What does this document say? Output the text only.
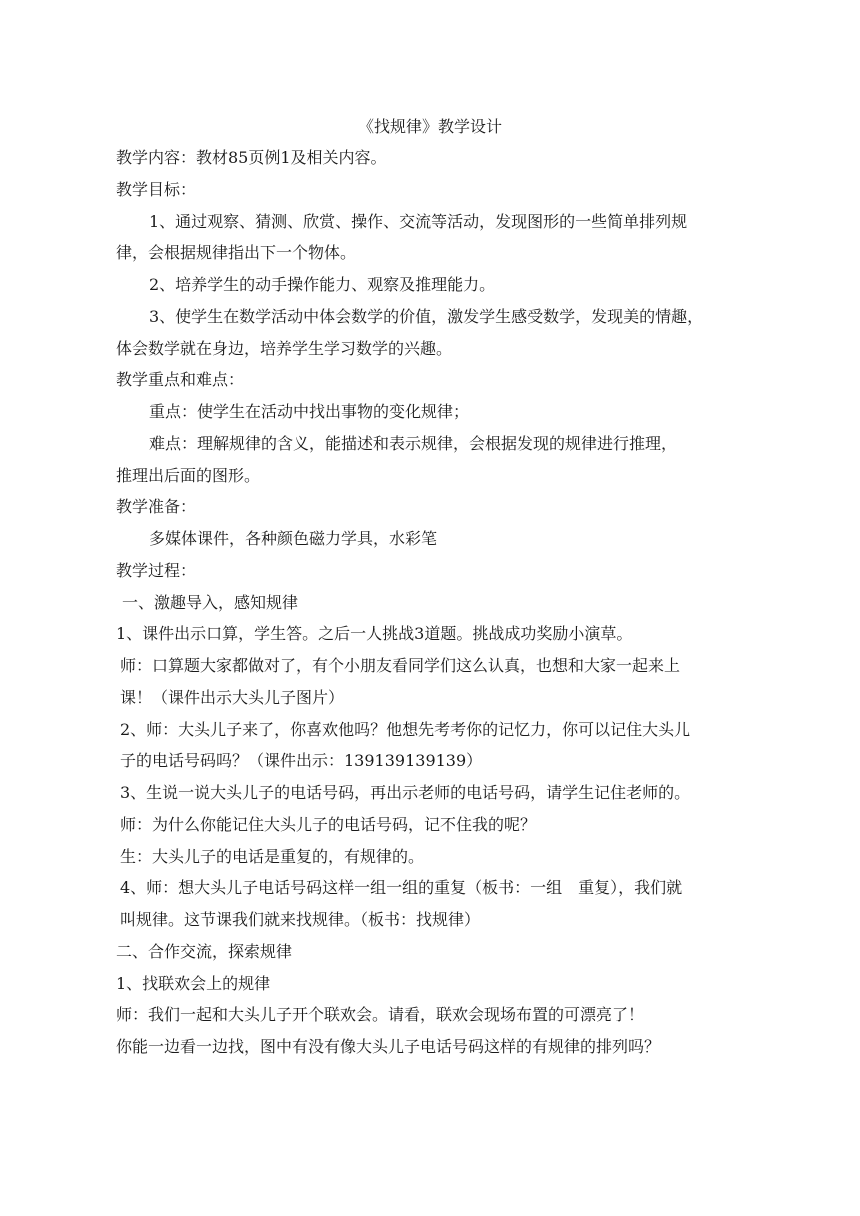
《找规律》教学设计
教学内容：教材85页例1及相关内容。
教学目标：
1、通过观察、猜测、欣赏、操作、交流等活动，发现图形的一些简单排列规
律，会根据规律指出下一个物体。
2、培养学生的动手操作能力、观察及推理能力。
3、使学生在数学活动中体会数学的价值，激发学生感受数学，发现美的情趣，
体会数学就在身边，培养学生学习数学的兴趣。
教学重点和难点：
重点：使学生在活动中找出事物的变化规律；
难点：理解规律的含义，能描述和表示规律，会根据发现的规律进行推理，
推理出后面的图形。
教学准备：
多媒体课件，各种颜色磁力学具，水彩笔
教学过程：
一、激趣导入，感知规律
1、课件出示口算，学生答。之后一人挑战3道题。挑战成功奖励小演草。
师：口算题大家都做对了，有个小朋友看同学们这么认真，也想和大家一起来上
课！（课件出示大头儿子图片）
2、师：大头儿子来了，你喜欢他吗？他想先考考你的记忆力，你可以记住大头儿
子的电话号码吗？（课件出示：139139139139）
3、生说一说大头儿子的电话号码，再出示老师的电话号码，请学生记住老师的。
师：为什么你能记住大头儿子的电话号码，记不住我的呢？
生：大头儿子的电话是重复的，有规律的。
4、师：想大头儿子电话号码这样一组一组的重复（板书：一组　重复），我们就
叫规律。这节课我们就来找规律。（板书：找规律）
二、合作交流，探索规律
1、找联欢会上的规律
师：我们一起和大头儿子开个联欢会。请看，联欢会现场布置的可漂亮了！
你能一边看一边找，图中有没有像大头儿子电话号码这样的有规律的排列吗？
